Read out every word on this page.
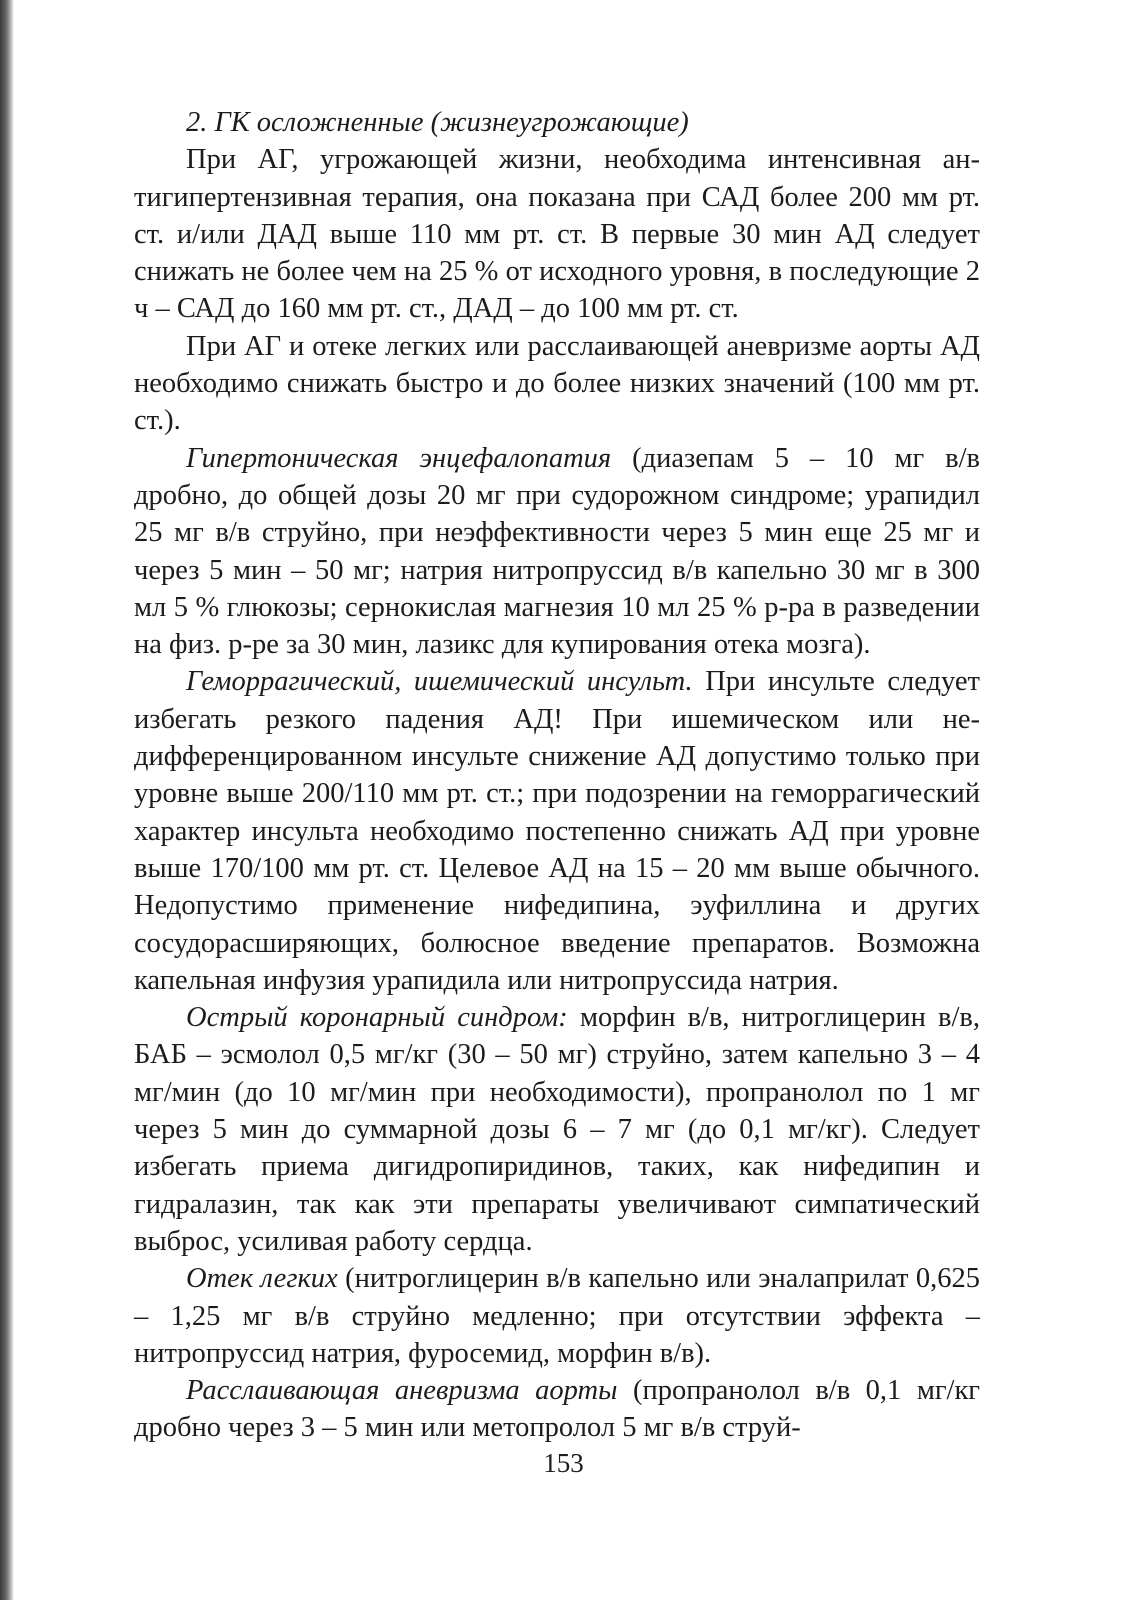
2. ГК осложненные (жизнеугрожающие)

При АГ, угрожающей жизни, необходима интенсивная антигипертензивная терапия, она показана при САД более 200 мм рт. ст. и/или ДАД выше 110 мм рт. ст. В первые 30 мин АД следует снижать не более чем на 25 % от исходного уровня, в последующие 2 ч – САД до 160 мм рт. ст., ДАД – до 100 мм рт. ст.

При АГ и отеке легких или расслаивающей аневризме аорты АД необходимо снижать быстро и до более низких значений (100 мм рт. ст.).

Гипертоническая энцефалопатия (диазепам 5 – 10 мг в/в дробно, до общей дозы 20 мг при судорожном синдроме; урапидил 25 мг в/в струйно, при неэффективности через 5 мин еще 25 мг и через 5 мин – 50 мг; натрия нитропруссид в/в капельно 30 мг в 300 мл 5 % глюкозы; сернокислая магнезия 10 мл 25 % р-ра в разведении на физ. р-ре за 30 мин, лазикс для купирования отека мозга).

Геморрагический, ишемический инсульт. При инсульте следует избегать резкого падения АД! При ишемическом или недифференцированном инсульте снижение АД допустимо только при уровне выше 200/110 мм рт. ст.; при подозрении на геморрагический характер инсульта необходимо постепенно снижать АД при уровне выше 170/100 мм рт. ст. Целевое АД на 15 – 20 мм выше обычного. Недопустимо применение нифедипина, эуфиллина и других сосудорасширяющих, болюсное введение препаратов. Возможна капельная инфузия урапидила или нитропруссида натрия.

Острый коронарный синдром: морфин в/в, нитроглицерин в/в, БАБ – эсмолол 0,5 мг/кг (30 – 50 мг) струйно, затем капельно 3 – 4 мг/мин (до 10 мг/мин при необходимости), пропранолол по 1 мг через 5 мин до суммарной дозы 6 – 7 мг (до 0,1 мг/кг). Следует избегать приема дигидропиридинов, таких, как нифедипин и гидралазин, так как эти препараты увеличивают симпатический выброс, усиливая работу сердца.

Отек легких (нитроглицерин в/в капельно или эналаприлат 0,625 – 1,25 мг в/в струйно медленно; при отсутствии эффекта – нитропруссид натрия, фуросемид, морфин в/в).

Расслаивающая аневризма аорты (пропранолол в/в 0,1 мг/кг дробно через 3 – 5 мин или метопролол 5 мг в/в струй-

153
